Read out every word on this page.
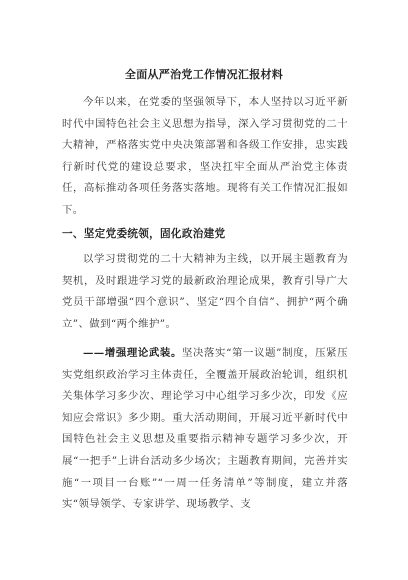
全面从严治党工作情况汇报材料

今年以来，在党委的坚强领导下，本人坚持以习近平新时代中国特色社会主义思想为指导，深入学习贯彻党的二十大精神，严格落实党中央决策部署和各级工作安排，忠实践行新时代党的建设总要求，坚决扛牢全面从严治党主体责任，高标推动各项任务落实落地。现将有关工作情况汇报如下。

一、坚定党委统领，固化政治建党

以学习贯彻党的二十大精神为主线，以开展主题教育为契机，及时跟进学习党的最新政治理论成果，教育引导广大党员干部增强“四个意识”、坚定“四个自信”、拥护“两个确立”、做到“两个维护”。

——增强理论武装。坚决落实“第一议题”制度，压紧压实党组织政治学习主体责任，全覆盖开展政治轮训，组织机关集体学习多少次、理论学习中心组学习多少次，印发《应知应会常识》多少期。重大活动期间，开展习近平新时代中国特色社会主义思想及重要指示精神专题学习多少次，开展“一把手”上讲台活动多少场次；主题教育期间，完善并实施“一项目一台账”“一周一任务清单”等制度，建立并落实“领导领学、专家讲学、现场教学、支
